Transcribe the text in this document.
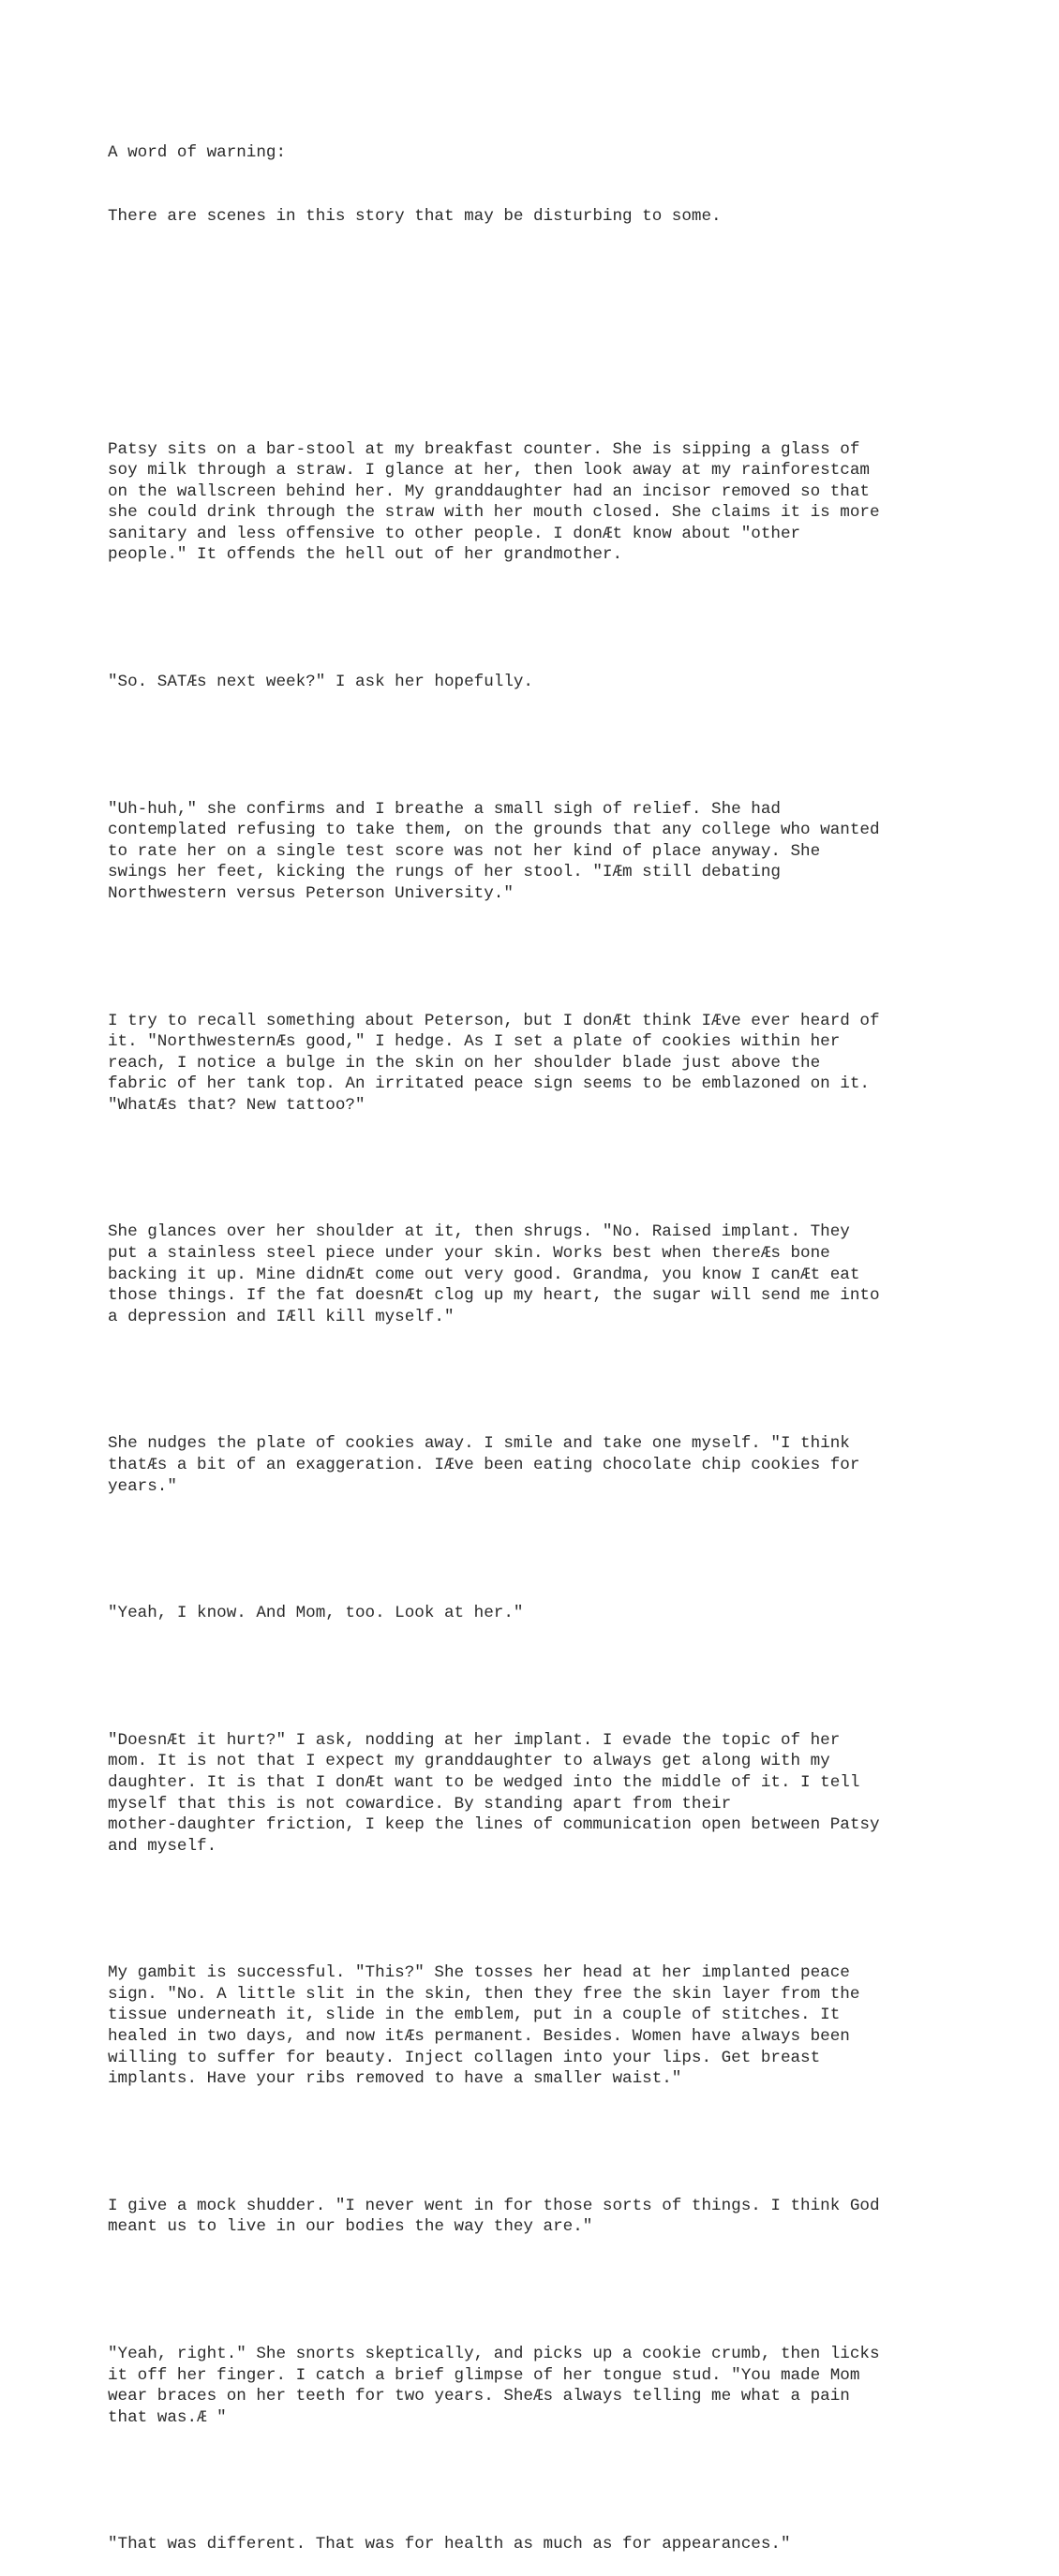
A word of warning:

There are scenes in this story that may be disturbing to some.

Patsy sits on a bar-stool at my breakfast counter. She is sipping a glass of
soy milk through a straw. I glance at her, then look away at my rainforestcam
on the wallscreen behind her. My granddaughter had an incisor removed so that
she could drink through the straw with her mouth closed. She claims it is more
sanitary and less offensive to other people. I donÆt know about "other
people." It offends the hell out of her grandmother.

"So. SATÆs next week?" I ask her hopefully.

"Uh-huh," she confirms and I breathe a small sigh of relief. She had
contemplated refusing to take them, on the grounds that any college who wanted
to rate her on a single test score was not her kind of place anyway. She
swings her feet, kicking the rungs of her stool. "IÆm still debating
Northwestern versus Peterson University."

I try to recall something about Peterson, but I donÆt think IÆve ever heard of
it. "NorthwesternÆs good," I hedge. As I set a plate of cookies within her
reach, I notice a bulge in the skin on her shoulder blade just above the
fabric of her tank top. An irritated peace sign seems to be emblazoned on it.
"WhatÆs that? New tattoo?"

She glances over her shoulder at it, then shrugs. "No. Raised implant. They
put a stainless steel piece under your skin. Works best when thereÆs bone
backing it up. Mine didnÆt come out very good. Grandma, you know I canÆt eat
those things. If the fat doesnÆt clog up my heart, the sugar will send me into
a depression and IÆll kill myself."

She nudges the plate of cookies away. I smile and take one myself. "I think
thatÆs a bit of an exaggeration. IÆve been eating chocolate chip cookies for
years."

"Yeah, I know. And Mom, too. Look at her."

"DoesnÆt it hurt?" I ask, nodding at her implant. I evade the topic of her
mom. It is not that I expect my granddaughter to always get along with my
daughter. It is that I donÆt want to be wedged into the middle of it. I tell
myself that this is not cowardice. By standing apart from their
mother-daughter friction, I keep the lines of communication open between Patsy
and myself.

My gambit is successful. "This?" She tosses her head at her implanted peace
sign. "No. A little slit in the skin, then they free the skin layer from the
tissue underneath it, slide in the emblem, put in a couple of stitches. It
healed in two days, and now itÆs permanent. Besides. Women have always been
willing to suffer for beauty. Inject collagen into your lips. Get breast
implants. Have your ribs removed to have a smaller waist."

I give a mock shudder. "I never went in for those sorts of things. I think God
meant us to live in our bodies the way they are."

"Yeah, right." She snorts skeptically, and picks up a cookie crumb, then licks
it off her finger. I catch a brief glimpse of her tongue stud. "You made Mom
wear braces on her teeth for two years. SheÆs always telling me what a pain
that was.Æ "

"That was different. That was for health as much as for appearances."
